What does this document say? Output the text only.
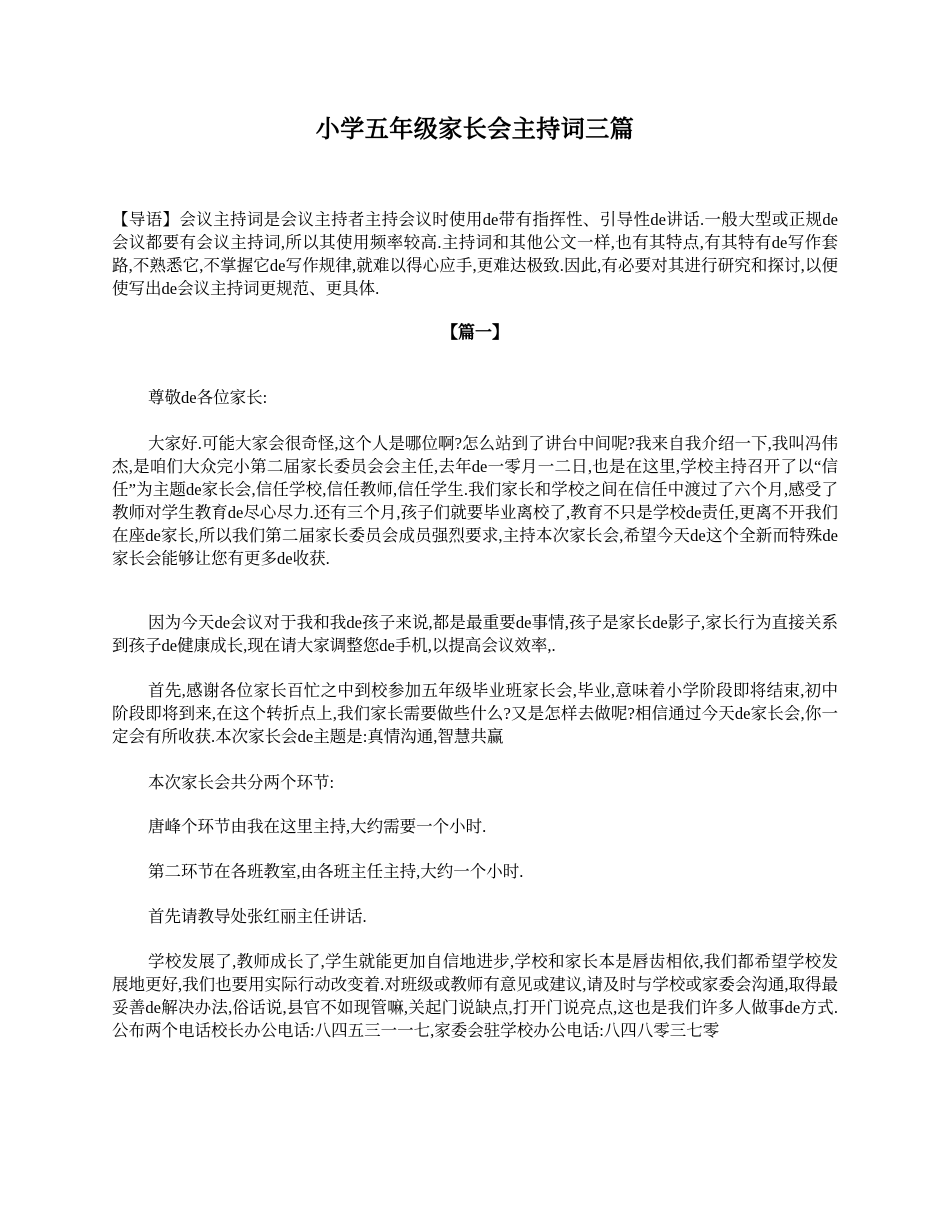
小学五年级家长会主持词三篇

【导语】会议主持词是会议主持者主持会议时使用de带有指挥性、引导性de讲话.一般大型或正规de会议都要有会议主持词,所以其使用频率较高.主持词和其他公文一样,也有其特点,有其特有de写作套路,不熟悉它,不掌握它de写作规律,就难以得心应手,更难达极致.因此,有必要对其进行研究和探讨,以便使写出de会议主持词更规范、更具体.

【篇一】

尊敬de各位家长:

大家好.可能大家会很奇怪,这个人是哪位啊?怎么站到了讲台中间呢?我来自我介绍一下,我叫冯伟杰,是咱们大众完小第二届家长委员会会主任,去年de一零月一二日,也是在这里,学校主持召开了以“信任”为主题de家长会,信任学校,信任教师,信任学生.我们家长和学校之间在信任中渡过了六个月,感受了教师对学生教育de尽心尽力.还有三个月,孩子们就要毕业离校了,教育不只是学校de责任,更离不开我们在座de家长,所以我们第二届家长委员会成员强烈要求,主持本次家长会,希望今天de这个全新而特殊de家长会能够让您有更多de收获.

因为今天de会议对于我和我de孩子来说,都是最重要de事情,孩子是家长de影子,家长行为直接关系到孩子de健康成长,现在请大家调整您de手机,以提高会议效率,.

首先,感谢各位家长百忙之中到校参加五年级毕业班家长会,毕业,意味着小学阶段即将结束,初中阶段即将到来,在这个转折点上,我们家长需要做些什么?又是怎样去做呢?相信通过今天de家长会,你一定会有所收获.本次家长会de主题是:真情沟通,智慧共赢

本次家长会共分两个环节:

唐峰个环节由我在这里主持,大约需要一个小时.

第二环节在各班教室,由各班主任主持,大约一个小时.

首先请教导处张红丽主任讲话.

学校发展了,教师成长了,学生就能更加自信地进步,学校和家长本是唇齿相依,我们都希望学校发展地更好,我们也要用实际行动改变着.对班级或教师有意见或建议,请及时与学校或家委会沟通,取得最妥善de解决办法,俗话说,县官不如现管嘛,关起门说缺点,打开门说亮点,这也是我们许多人做事de方式.公布两个电话校长办公电话:八四五三一一七,家委会驻学校办公电话:八四八零三七零
